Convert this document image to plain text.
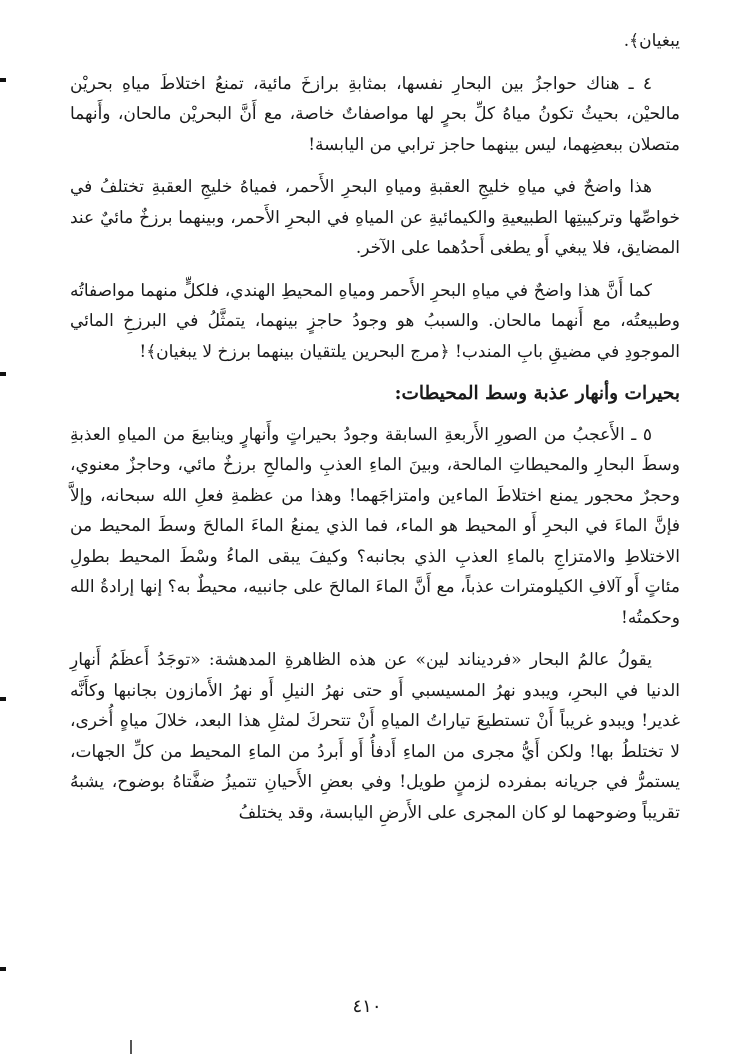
يبغيان﴾.

٤ ـ هناك حواجزُ بين البحارِ نفسها، بمثابةِ برازخَ مائية، تمنعُ اختلاطَ مياهِ بحريْن مالحيْن، بحيثُ تكونُ مياهُ كلِّ بحرٍ لها مواصفاتٌ خاصة، مع أَنَّ البحريْن مالحان، وأَنهما متصلان ببعضِهما، ليس بينهما حاجز ترابي من اليابسة!

هذا واضحٌ في مياهِ خليجِ العقبةِ ومياهِ البحرِ الأَحمر، فمياهُ خليجِ العقبةِ تختلفُ في خواصِّها وتركيبتِها الطبيعيةِ والكيمائيةِ عن المياهِ في البحرِ الأَحمر، وبينهما برزخٌ مائيٌ عند المضايق، فلا يبغي أَو يطغى أَحدُهما على الآخر.

كما أَنَّ هذا واضحٌ في مياهِ البحرِ الأَحمر ومياهِ المحيطِ الهندي، فلكلٍّ منهما مواصفاتُه وطبيعتُه، مع أَنهما مالحان. والسببُ هو وجودُ حاجزٍ بينهما، يتمثَّلُ في البرزخِ المائي الموجودِ في مضيقِ بابِ المندب! ﴿مرج البحرين يلتقيان بينهما برزخ لا يبغيان﴾!

بحيرات وأنهار عذبة وسط المحيطات:

٥ ـ الأَعجبُ من الصورِ الأَربعةِ السابقة وجودُ بحيراتٍ وأَنهارٍ وينابيعَ من المياهِ العذبةِ وسطَ البحارِ والمحيطاتِ المالحة، وبينَ الماءِ العذبِ والمالحِ برزخٌ مائي، وحاجزٌ معنوي، وحجرٌ محجور يمنع اختلاطَ الماءين وامتزاجَهما! وهذا من عظمةِ فعلِ الله سبحانه، وإلاَّ فإنَّ الماءَ في البحرِ أَو المحيط هو الماء، فما الذي يمنعُ الماءَ المالحَ وسطَ المحيط من الاختلاطِ والامتزاجِ بالماءِ العذبِ الذي بجانبه؟ وكيفَ يبقى الماءُ وسْطَ المحيط بطولِ مئاتٍ أَو آلافِ الكيلومترات عذباً، مع أَنَّ الماءَ المالحَ على جانبيه، محيطٌ به؟ إنها إرادةُ الله وحكمتُه!

يقولُ عالمُ البحار «فرديناند لين» عن هذه الظاهرةِ المدهشة: «توجَدُ أَعظَمُ أَنهارِ الدنيا في البحرِ، ويبدو نهرُ المسيسبي أَو حتى نهرُ النيلِ أَو نهرُ الأَمازون بجانبها وكأَنَّه غدير! ويبدو غريباً أَنْ تستطيعَ تياراتُ المياهِ أَنْ تتحركَ لمثلِ هذا البعد، خلالَ مياهٍ أُخرى، لا تختلطُ بها! ولكن أَيُّ مجرى من الماءِ أَدفأُ أَو أَبردُ من الماءِ المحيط من كلِّ الجهات، يستمرُّ في جريانه بمفرده لزمنٍ طويل! وفي بعضِ الأَحيانِ تتميزُ ضفَّتاهُ بوضوح، يشبهُ تقريباً وضوحهما لو كان المجرى على الأَرضِ اليابسة، وقد يختلفُ

٤١٠
